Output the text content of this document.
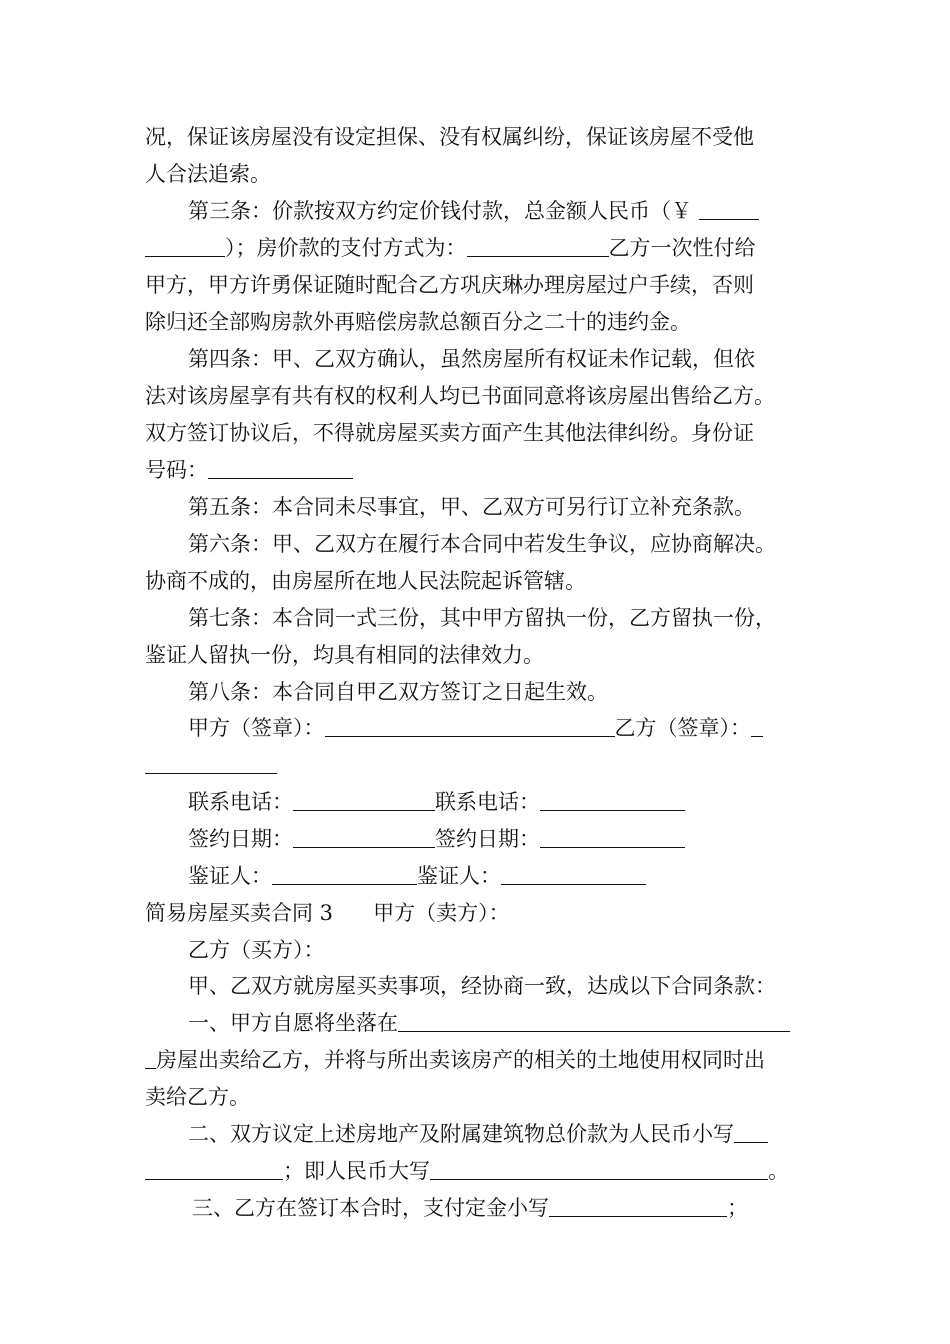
况，保证该房屋没有设定担保、没有权属纠纷，保证该房屋不受他
人合法追索。
第三条：价款按双方约定价钱付款，总金额人民币（￥
）；房价款的支付方式为：	乙方一次性付给
甲方，甲方许勇保证随时配合乙方巩庆琳办理房屋过户手续，否则
除归还全部购房款外再赔偿房款总额百分之二十的违约金。
第四条：甲、乙双方确认，虽然房屋所有权证未作记载，但依
法对该房屋享有共有权的权利人均已书面同意将该房屋出售给乙方。
双方签订协议后，不得就房屋买卖方面产生其他法律纠纷。身份证
号码：
第五条：本合同未尽事宜，甲、乙双方可另行订立补充条款。
第六条：甲、乙双方在履行本合同中若发生争议，应协商解决。
协商不成的，由房屋所在地人民法院起诉管辖。
第七条：本合同一式三份，其中甲方留执一份，乙方留执一份，
鉴证人留执一份，均具有相同的法律效力。
第八条：本合同自甲乙双方签订之日起生效。
甲方（签章）：	乙方（签章）：
联系电话：	联系电话：
签约日期：	签约日期：
鉴证人：	鉴证人：
简易房屋买卖合同 3 甲方（卖方）：
乙方（买方）：
甲、乙双方就房屋买卖事项，经协商一致，达成以下合同条款：
一、甲方自愿将坐落在
房屋出卖给乙方，并将与所出卖该房产的相关的土地使用权同时出
卖给乙方。
二、双方议定上述房地产及附属建筑物总价款为人民币小写
；即人民币大写	。
三、乙方在签订本合时，支付定金小写	；
